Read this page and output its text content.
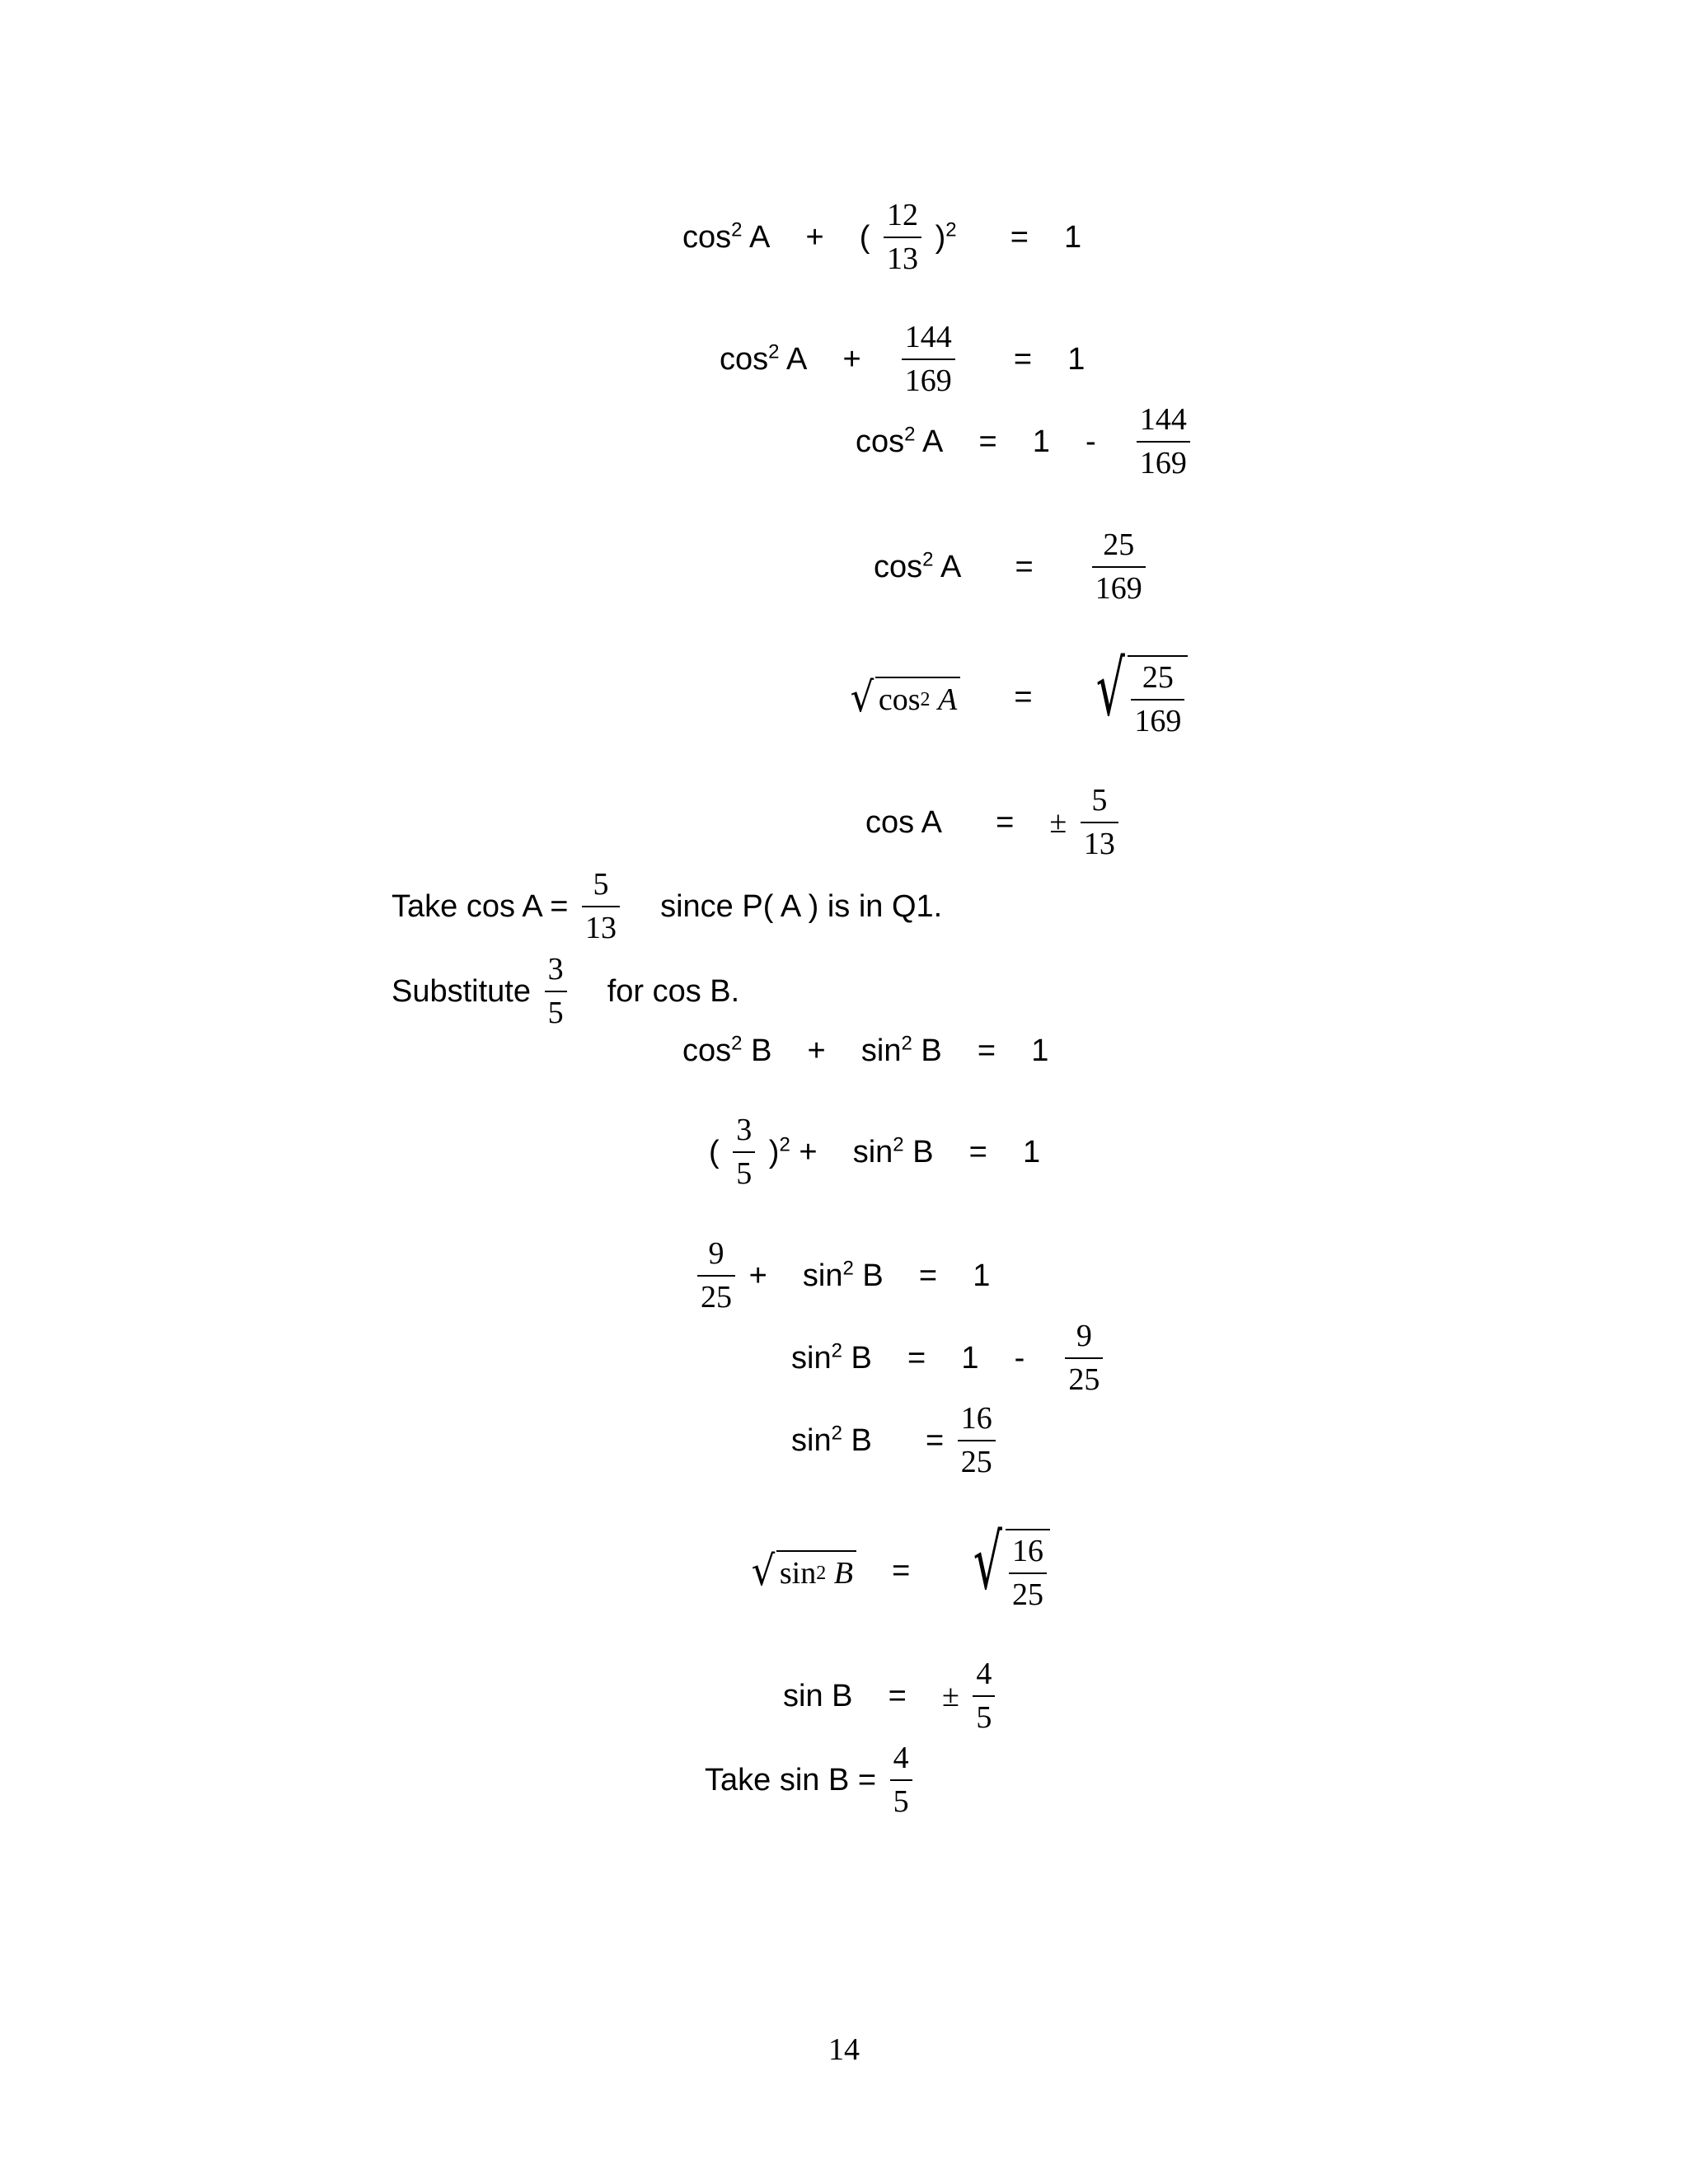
$\cos^2 A$ + ( $\frac{12}{13} )^2 = 1$
$\cos^2 A + \frac{144}{169} = 1$
$\cos^2 A = 1 - \frac{144}{169}$
$\cos^2 A = \frac{25}{169}$
√ cos 2
A = √ $\frac{25}{169}$
cos A = ± $\frac{5}{13}$
Take $\cos A = \frac{5}{13}$ since P( A ) is in Q1.
Substitute $\frac{3}{5}$ for cos B.
$\cos^2 B + \sin^2 B = 1$
( $\frac{3}{5} )^2 + \sin^2 B = 1$
$\frac{9}{25} + \sin^2 B = 1$
$\sin^2 B = 1 - \frac{9}{25}$
$\sin^2 B = \frac{16}{25}$
√ sin 2
B = √ $\frac{16}{25}$
sin B = ± $\frac{4}{5}$
Take $\sin B = \frac{4}{5}$
14
